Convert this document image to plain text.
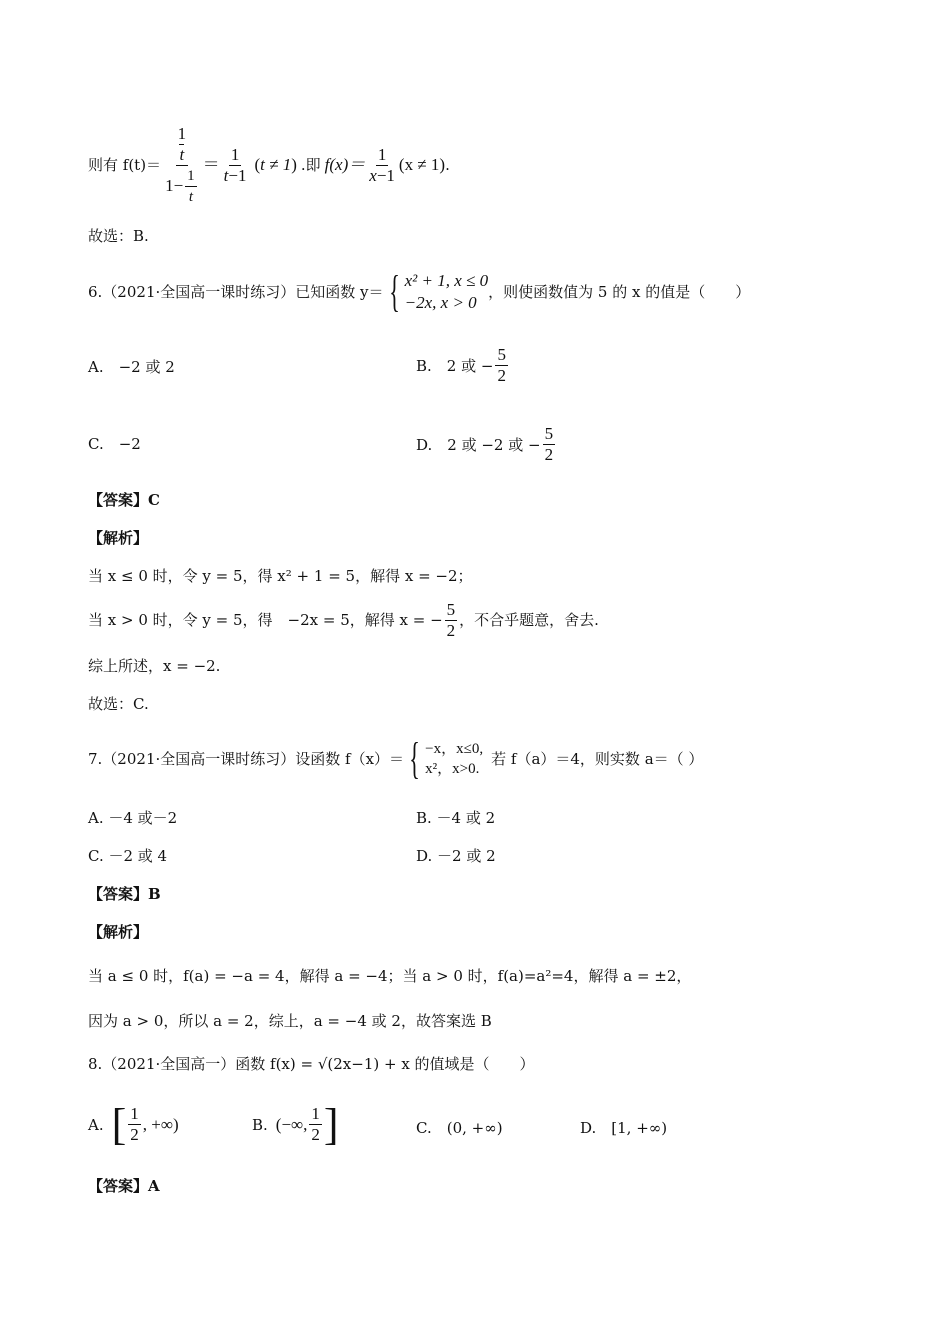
则有 f(t)＝ 1
t
$1- \frac{1}{t} = \frac{1}{t-1} (t \ne 1)$ .即 $f(x)= \frac{1}{x-1} (x \ne 1)$ .
故选：B.
6.（2021·全国高一课时练习）已知函数 y＝ { x² + 1, x ≤ 0
−2x, x > 0
，则使函数值为 5 的 x 的值是（　　）
A.　−2 或 2	B.　2 或 − $\frac{5}{2}$
C.　−2	D.　2 或 −2 或 − $\frac{5}{2}$
【答案】C
【解析】
当 x ≤ 0 时，令 y = 5，得 x² + 1 = 5，解得 x = −2；
当 x > 0 时，令 y = 5，得　−2x = 5，解得 x = − $\frac{5}{2}$ ，不合乎题意，舍去.
综上所述，x = −2.
故选：C.
7.（2021·全国高一课时练习）设函数 f（x）＝ { −x，x≤0,
x²，x>0.
若 f（a）＝4，则实数 a＝（ ）
A. －4 或－2	B. －4 或 2
C. －2 或 4	D. －2 或 2
【答案】B
【解析】
当 a ≤ 0 时，f(a) = −a = 4，解得 a = −4；当 a > 0 时，f(a)=a²=4，解得 a = ±2，
因为 a > 0，所以 a = 2，综上，a = −4 或 2，故答案选 B
8.（2021·全国高一）函数 f(x) = √(2x−1) + x 的值域是（　　）
A. [ $\frac{1}{2}$ , +∞)	B. (−∞, $\frac{1}{2}$ ]	C.　(0, +∞)	D.　[1, +∞)
【答案】A
